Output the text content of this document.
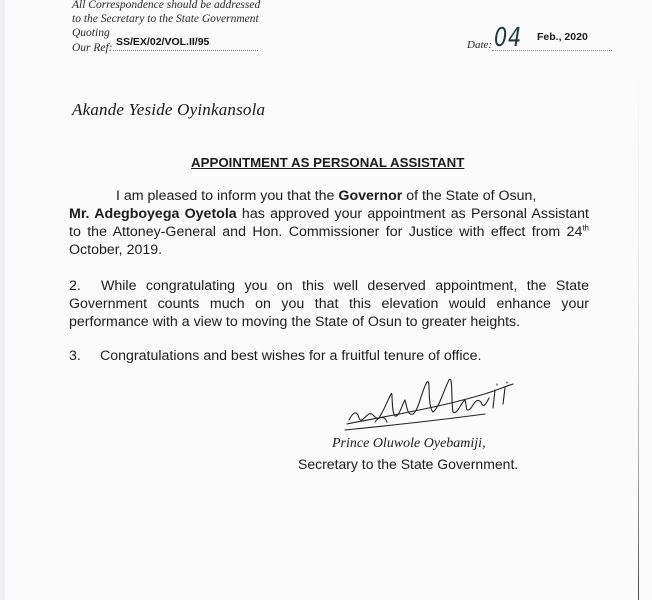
All Correspondence should be addressed
to the Secretary to the State Government
Quoting
Our Ref: SS/EX/02/VOL.II/95	Date: 04 Feb., 2020
Akande Yeside Oyinkansola
APPOINTMENT AS PERSONAL ASSISTANT
I am pleased to inform you that the Governor of the State of Osun,
Mr. Adegboyega Oyetola has approved your appointment as Personal Assistant to the Attoney-General and Hon. Commissioner for Justice with effect from 24th October, 2019.
2. While congratulating you on this well deserved appointment, the State Government counts much on you that this elevation would enhance your performance with a view to moving the State of Osun to greater heights.
3. Congratulations and best wishes for a fruitful tenure of office.
Prince Oluwole Oyebamiji,
Secretary to the State Government.
